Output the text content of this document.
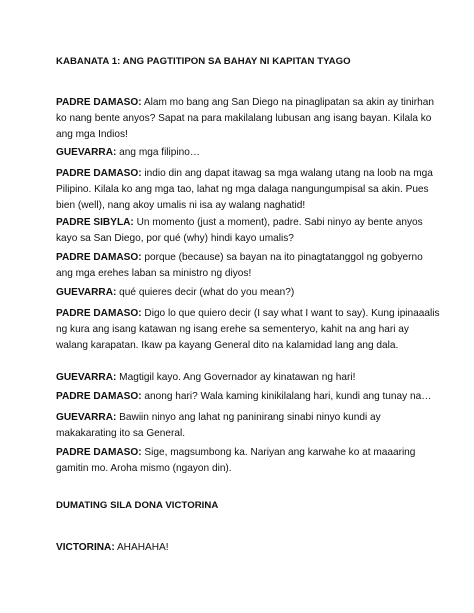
KABANATA 1: ANG PAGTITIPON SA BAHAY NI KAPITAN TYAGO
PADRE DAMASO: Alam mo bang ang San Diego na pinaglipatan sa akin ay tinirhan ko nang bente anyos? Sapat na para makilalang lubusan ang isang bayan. Kilala ko ang mga Indios!
GUEVARRA: ang mga filipino…
PADRE DAMASO: indio din ang dapat itawag sa mga walang utang na loob na mga Pilipino. Kilala ko ang mga tao, lahat ng mga dalaga nangungumpisal sa akin. Pues bien (well), nang akoy umalis ni isa ay walang naghatid!
PADRE SIBYLA: Un momento (just a moment), padre. Sabi ninyo ay bente anyos kayo sa San Diego, por qué (why) hindi kayo umalis?
PADRE DAMASO: porque (because) sa bayan na ito pinagtatanggol ng gobyerno ang mga erehes laban sa ministro ng diyos!
GUEVARRA: qué quieres decir (what do you mean?)
PADRE DAMASO: Digo lo que quiero decir (I say what I want to say). Kung ipinaaalis ng kura ang isang katawan ng isang erehe sa sementeryo, kahit na ang hari ay walang karapatan. Ikaw pa kayang General dito na kalamidad lang ang dala.
GUEVARRA: Magtigil kayo. Ang Governador ay kinatawan ng hari!
PADRE DAMASO: anong hari? Wala kaming kinikilalang hari, kundi ang tunay na…
GUEVARRA: Bawiin ninyo ang lahat ng paninirang sinabi ninyo kundi ay makakarating ito sa General.
PADRE DAMASO: Sige, magsumbong ka. Nariyan ang karwahe ko at maaaring gamitin mo. Aroha mismo (ngayon din).
DUMATING SILA DONA VICTORINA
VICTORINA: AHAHAHA!
